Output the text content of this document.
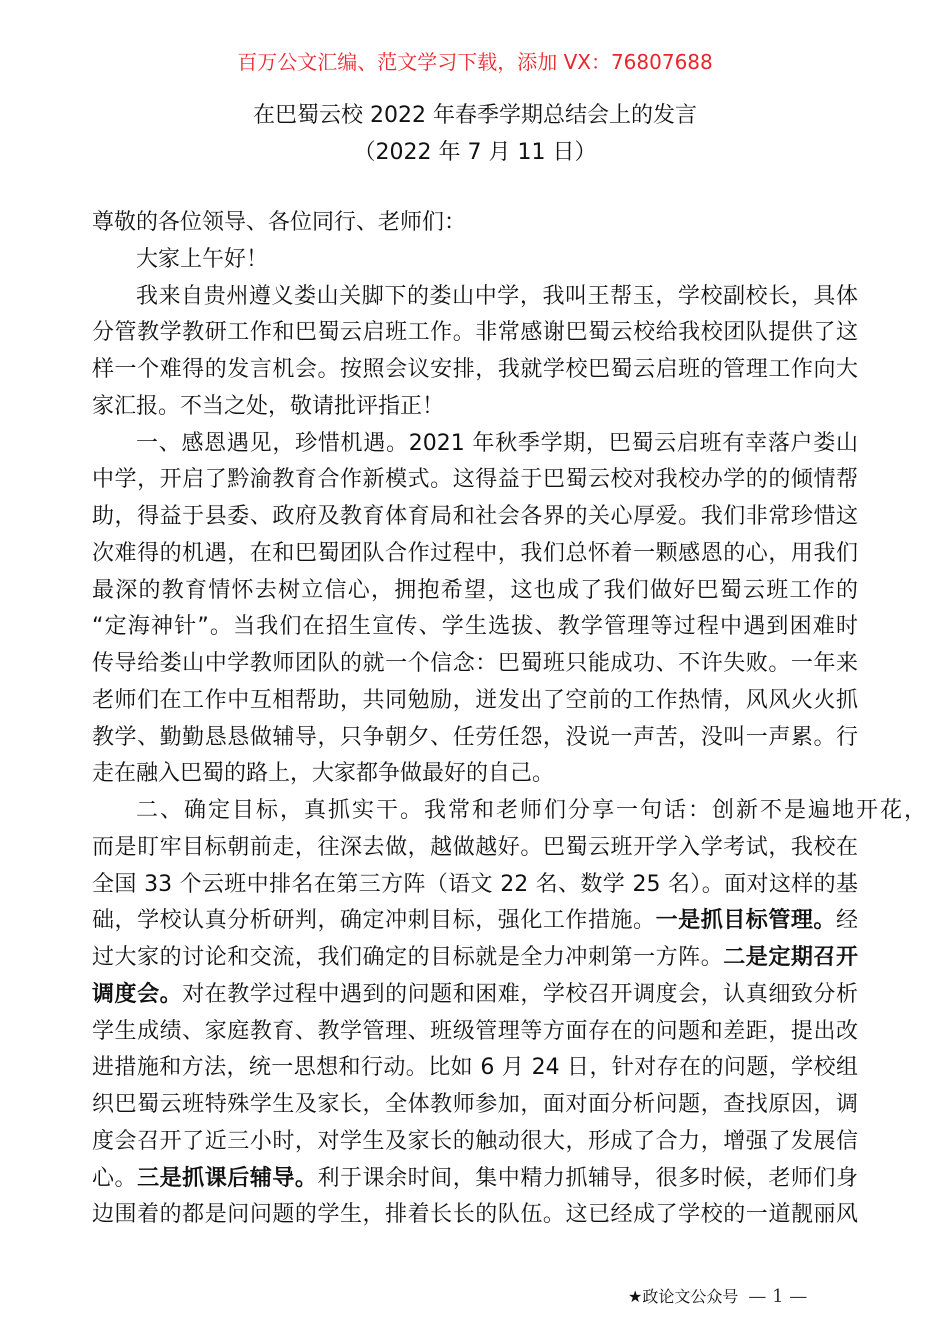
百万公文汇编、范文学习下载，添加 VX：76807688
在巴蜀云校 2022 年春季学期总结会上的发言
（2022 年 7 月 11 日）
尊敬的各位领导、各位同行、老师们：
大家上午好！
我来自贵州遵义娄山关脚下的娄山中学，我叫王帮玉，学校副校长，具体
分管教学教研工作和巴蜀云启班工作。非常感谢巴蜀云校给我校团队提供了这
样一个难得的发言机会。按照会议安排，我就学校巴蜀云启班的管理工作向大
家汇报。不当之处，敬请批评指正！
一、感恩遇见，珍惜机遇。2021 年秋季学期，巴蜀云启班有幸落户娄山
中学，开启了黔渝教育合作新模式。这得益于巴蜀云校对我校办学的的倾情帮
助，得益于县委、政府及教育体育局和社会各界的关心厚爱。我们非常珍惜这
次难得的机遇，在和巴蜀团队合作过程中，我们总怀着一颗感恩的心，用我们
最深的教育情怀去树立信心，拥抱希望，这也成了我们做好巴蜀云班工作的
“定海神针”。当我们在招生宣传、学生选拔、教学管理等过程中遇到困难时
传导给娄山中学教师团队的就一个信念：巴蜀班只能成功、不许失败。一年来
老师们在工作中互相帮助，共同勉励，迸发出了空前的工作热情，风风火火抓
教学、勤勤恳恳做辅导，只争朝夕、任劳任怨，没说一声苦，没叫一声累。行
走在融入巴蜀的路上，大家都争做最好的自己。
二、确定目标，真抓实干。我常和老师们分享一句话：创新不是遍地开花，
而是盯牢目标朝前走，往深去做，越做越好。巴蜀云班开学入学考试，我校在
全国 33 个云班中排名在第三方阵（语文 22 名、数学 25 名）。面对这样的基
础，学校认真分析研判，确定冲刺目标，强化工作措施。一是抓目标管理。经
过大家的讨论和交流，我们确定的目标就是全力冲刺第一方阵。二是定期召开
调度会。对在教学过程中遇到的问题和困难，学校召开调度会，认真细致分析
学生成绩、家庭教育、教学管理、班级管理等方面存在的问题和差距，提出改
进措施和方法，统一思想和行动。比如 6 月 24 日，针对存在的问题，学校组
织巴蜀云班特殊学生及家长，全体教师参加，面对面分析问题，查找原因，调
度会召开了近三小时，对学生及家长的触动很大，形成了合力，增强了发展信
心。三是抓课后辅导。利于课余时间，集中精力抓辅导，很多时候，老师们身
边围着的都是问问题的学生，排着长长的队伍。这已经成了学校的一道靓丽风
★政论文公众号 — 1 —
